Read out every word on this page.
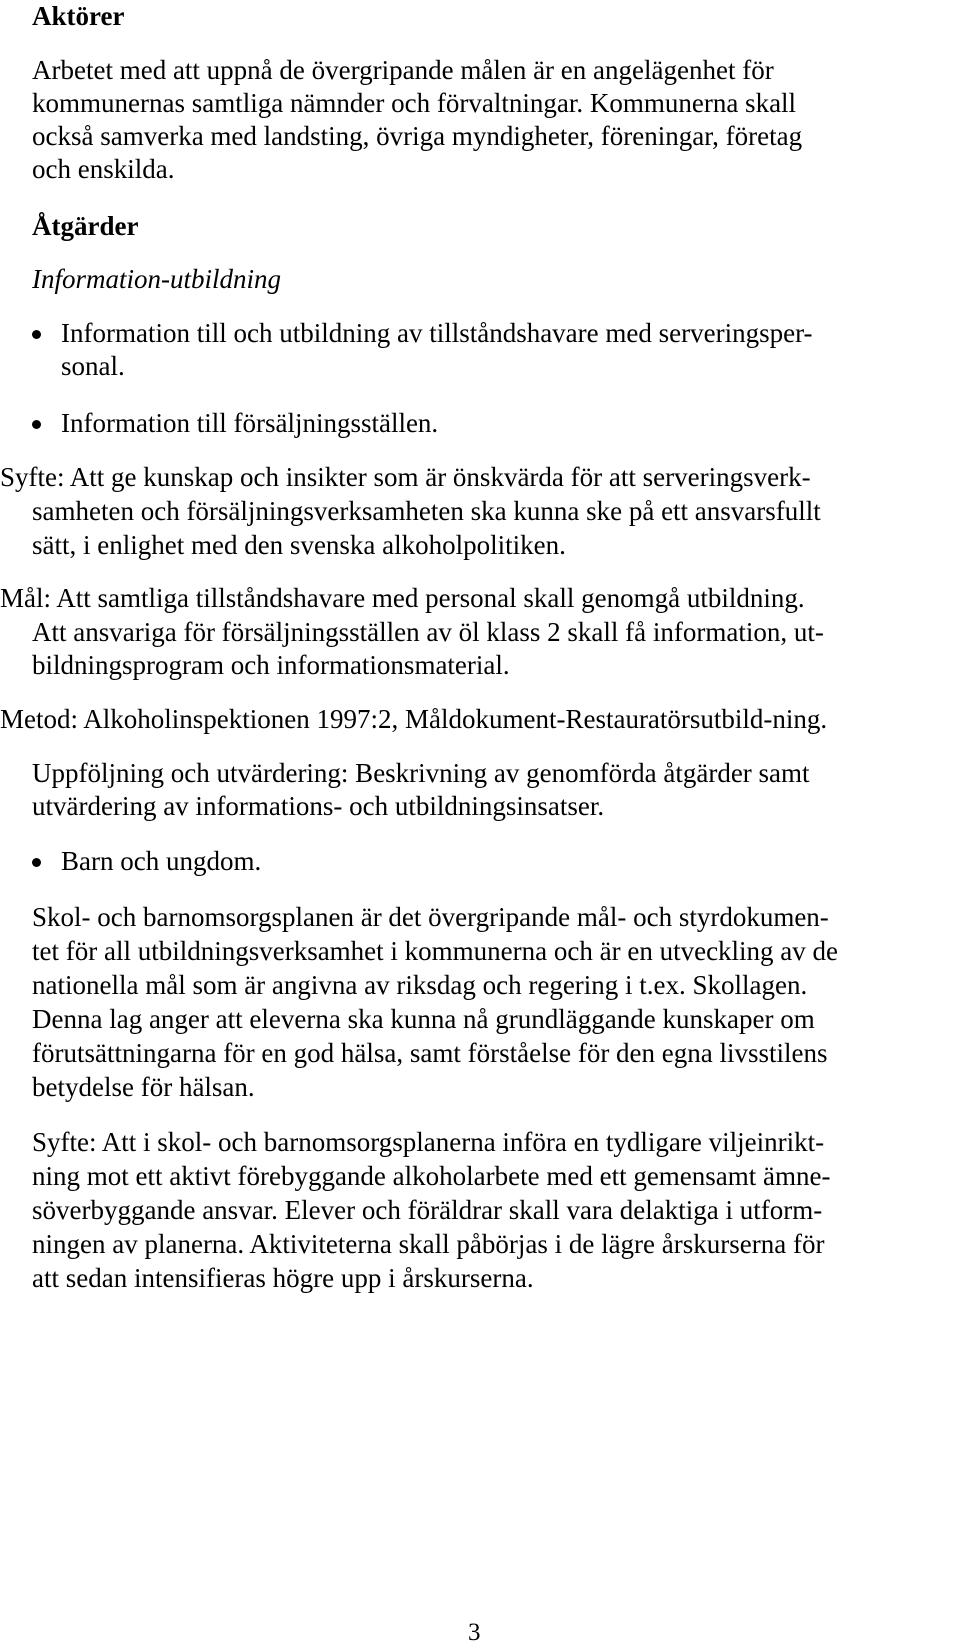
Aktörer

Arbetet med att uppnå de övergripande målen är en angelägenhet för

kommunernas samtliga nämnder och förvaltningar. Kommunerna skall

också samverka med landsting, övriga myndigheter, föreningar, företag

och enskilda.

Åtgärder

Information-utbildning

Information till och utbildning av tillståndshavare med serveringsper-

sonal.

Information till försäljningsställen.

Syfte: Att ge kunskap och insikter som är önskvärda för att serveringsverk-

samheten och försäljningsverksamheten ska kunna ske på ett ansvarsfullt

sätt, i enlighet med den svenska alkoholpolitiken.

Mål: Att samtliga tillståndshavare med personal skall genomgå utbildning.

Att ansvariga för försäljningsställen av öl klass 2 skall få information, ut-

bildningsprogram och informationsmaterial.

Metod: Alkoholinspektionen 1997:2, Måldokument-Restauratörsutbild-ning.

Uppföljning och utvärdering: Beskrivning av genomförda åtgärder samt

utvärdering av informations- och utbildningsinsatser.

Barn och ungdom.

Skol- och barnomsorgsplanen är det övergripande mål- och styrdokumen-

tet för all utbildningsverksamhet i kommunerna och är en utveckling av de

nationella mål som är angivna av riksdag och regering i t.ex. Skollagen.

Denna lag anger att eleverna ska kunna nå grundläggande kunskaper om

förutsättningarna för en god hälsa, samt förståelse för den egna livsstilens

betydelse för hälsan.

Syfte: Att i skol- och barnomsorgsplanerna införa en tydligare viljeinrikt-

ning mot ett aktivt förebyggande alkoholarbete med ett gemensamt ämne-

söverbyggande ansvar. Elever och föräldrar skall vara delaktiga i utform-

ningen av planerna. Aktiviteterna skall påbörjas i de lägre årskurserna för

att sedan intensifieras högre upp i årskurserna.

3
